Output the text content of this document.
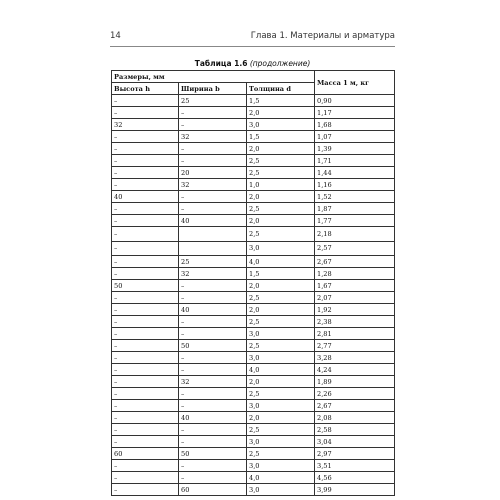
14	Глава 1. Материалы и арматура
Таблица 1.6 (продолжение)
Размеры, мм			Масса 1 м, кг
Высота h	Ширина b	Толщина d	
–	25	1,5	0,90
–	–	2,0	1,17
32	–	3,0	1,68
–	32	1,5	1,07
–	–	2,0	1,39
–	–	2,5	1,71
–	20	2,5	1,44
–	32	1,0	1,16
40	–	2,0	1,52
–	–	2,5	1,87
–	40	2,0	1,77
–		2,5	2,18
–		3,0	2,57
–	25	4,0	2,67
–	32	1,5	1,28
50	–	2,0	1,67
–	–	2,5	2,07
–	40	2,0	1,92
–	–	2,5	2,38
–	–	3,0	2,81
–	50	2,5	2,77
–	–	3,0	3,28
–	–	4,0	4,24
–	32	2,0	1,89
–	–	2,5	2,26
–	–	3,0	2,67
–	40	2,0	2,08
–	–	2,5	2,58
–	–	3,0	3,04
60	50	2,5	2,97
–	–	3,0	3,51
–	–	4,0	4,56
–	60	3,0	3,99
